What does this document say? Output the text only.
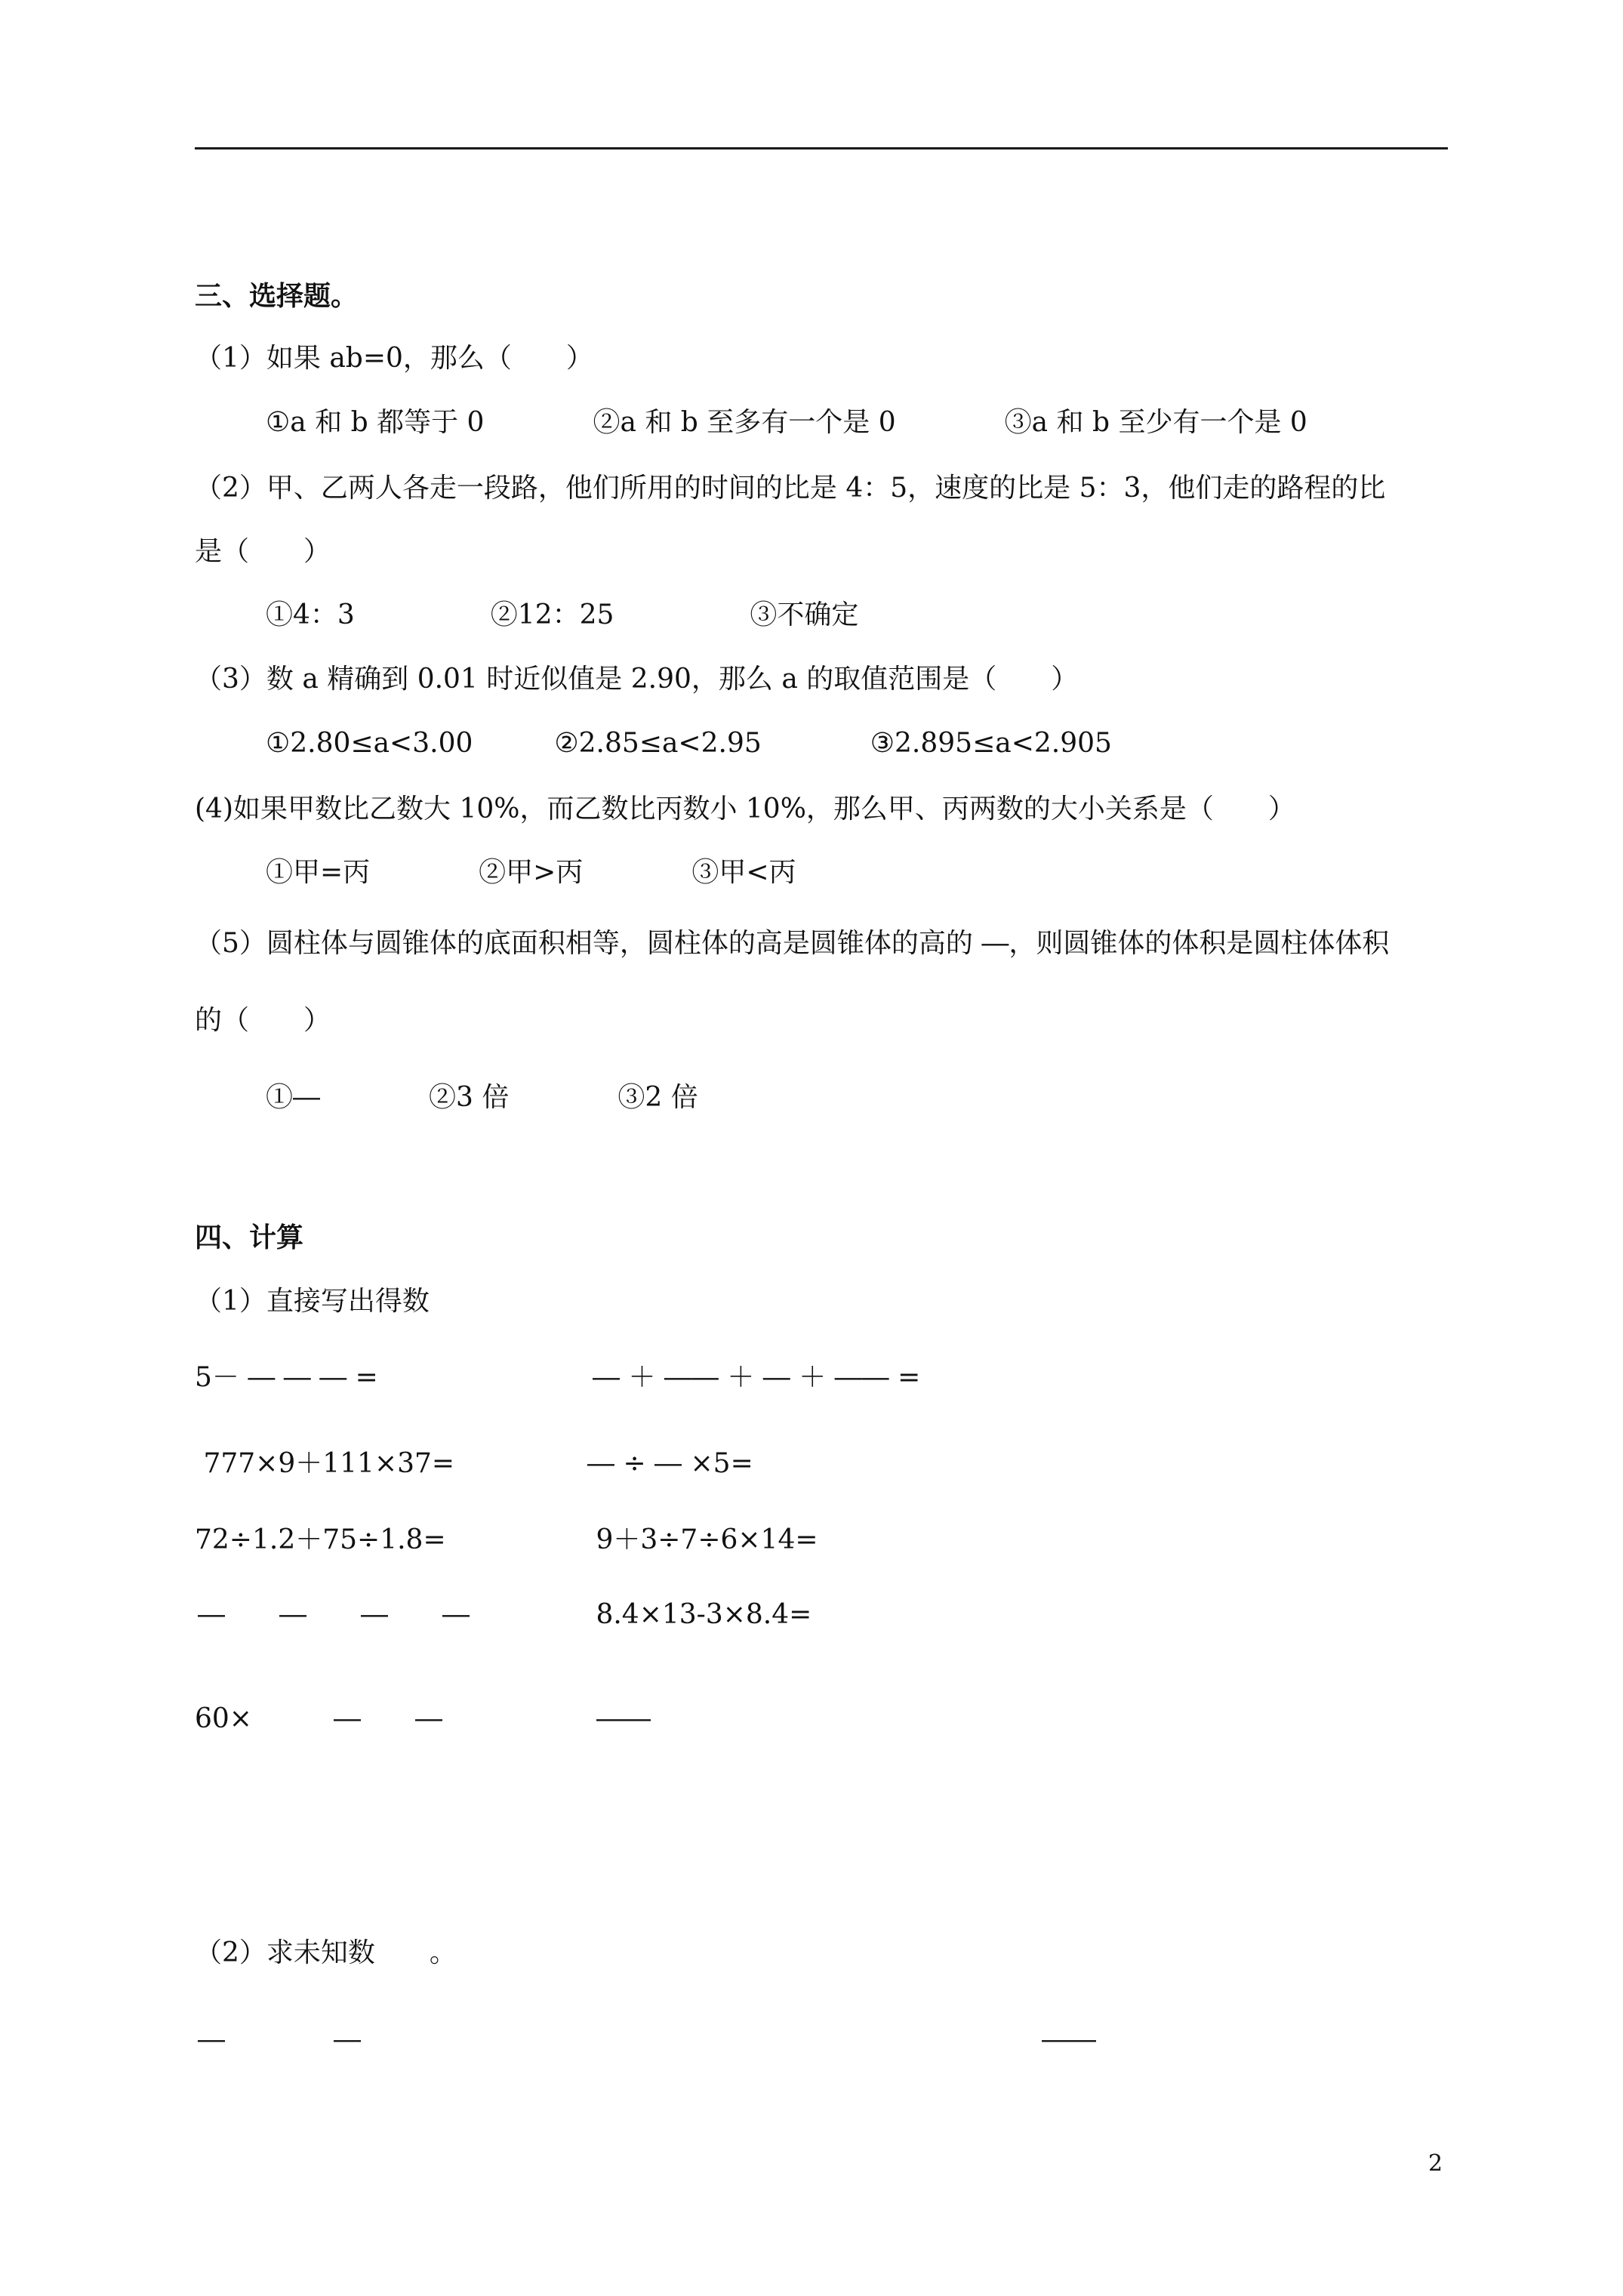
三、选择题。
（1）如果 ab=0，那么（　　）
①a 和 b 都等于 0　　　　②a 和 b 至多有一个是 0　　　　③a 和 b 至少有一个是 0
（2）甲、乙两人各走一段路，他们所用的时间的比是 4：5，速度的比是 5：3，他们走的路程的比
是（　　）
①4：3　　　　　②12：25　　　　　③不确定
（3）数 a 精确到 0.01 时近似值是 2.90，那么 a 的取值范围是（　　）
①2.80≤a<3.00　　　②2.85≤a<2.95　　　　③2.895≤a<2.905
(4)如果甲数比乙数大 10%，而乙数比丙数小 10%，那么甲、丙两数的大小关系是（　　）
①甲=丙　　　　②甲>丙　　　　③甲<丙
（5）圆柱体与圆锥体的底面积相等，圆柱体的高是圆锥体的高的 ―，则圆锥体的体积是圆柱体体积
的（　　）
①―　　　　②3 倍　　　　③2 倍
四、计算
（1）直接写出得数
5－ ― ― ― =	― ＋ ―― ＋ ― ＋ ―― =
777×9＋111×37=	― ÷ ― ×5=
72÷1.2＋75÷1.8=	9＋3÷7÷6×14=
―　　―　　―　　―	8.4×13-3×8.4=
60×　　　―　　―	――
（2）求未知数　　。
―　　　　―	――
2
